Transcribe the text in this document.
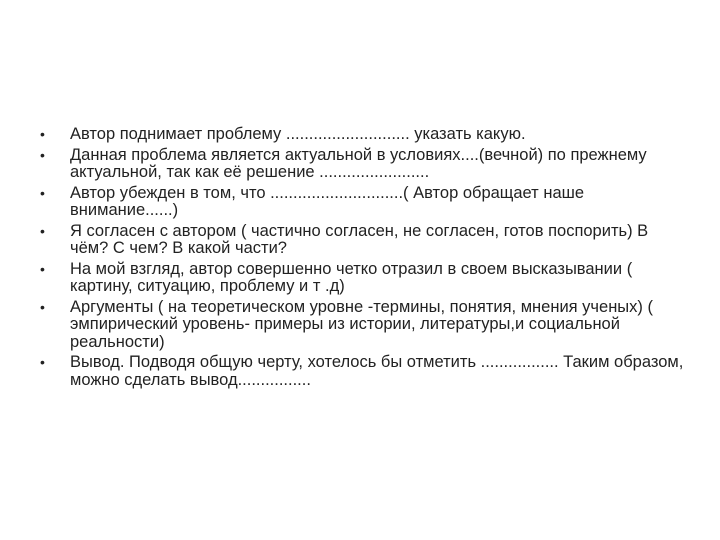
• Автор поднимает проблему ........................... указать какую.
• Данная проблема является актуальной в условиях....(вечной) по прежнему актуальной, так как её решение ........................
• Автор убежден в том, что .............................( Автор обращает наше внимание......)
• Я согласен с автором ( частично согласен, не согласен, готов поспорить) В чём? С чем? В какой части?
• На мой взгляд, автор совершенно четко отразил в своем высказывании ( картину, ситуацию, проблему и т .д)
• Аргументы ( на теоретическом уровне -термины, понятия, мнения ученых) ( эмпирический уровень- примеры из истории, литературы,и социальной реальности)
• Вывод. Подводя общую черту, хотелось бы отметить ................. Таким образом, можно сделать вывод................
